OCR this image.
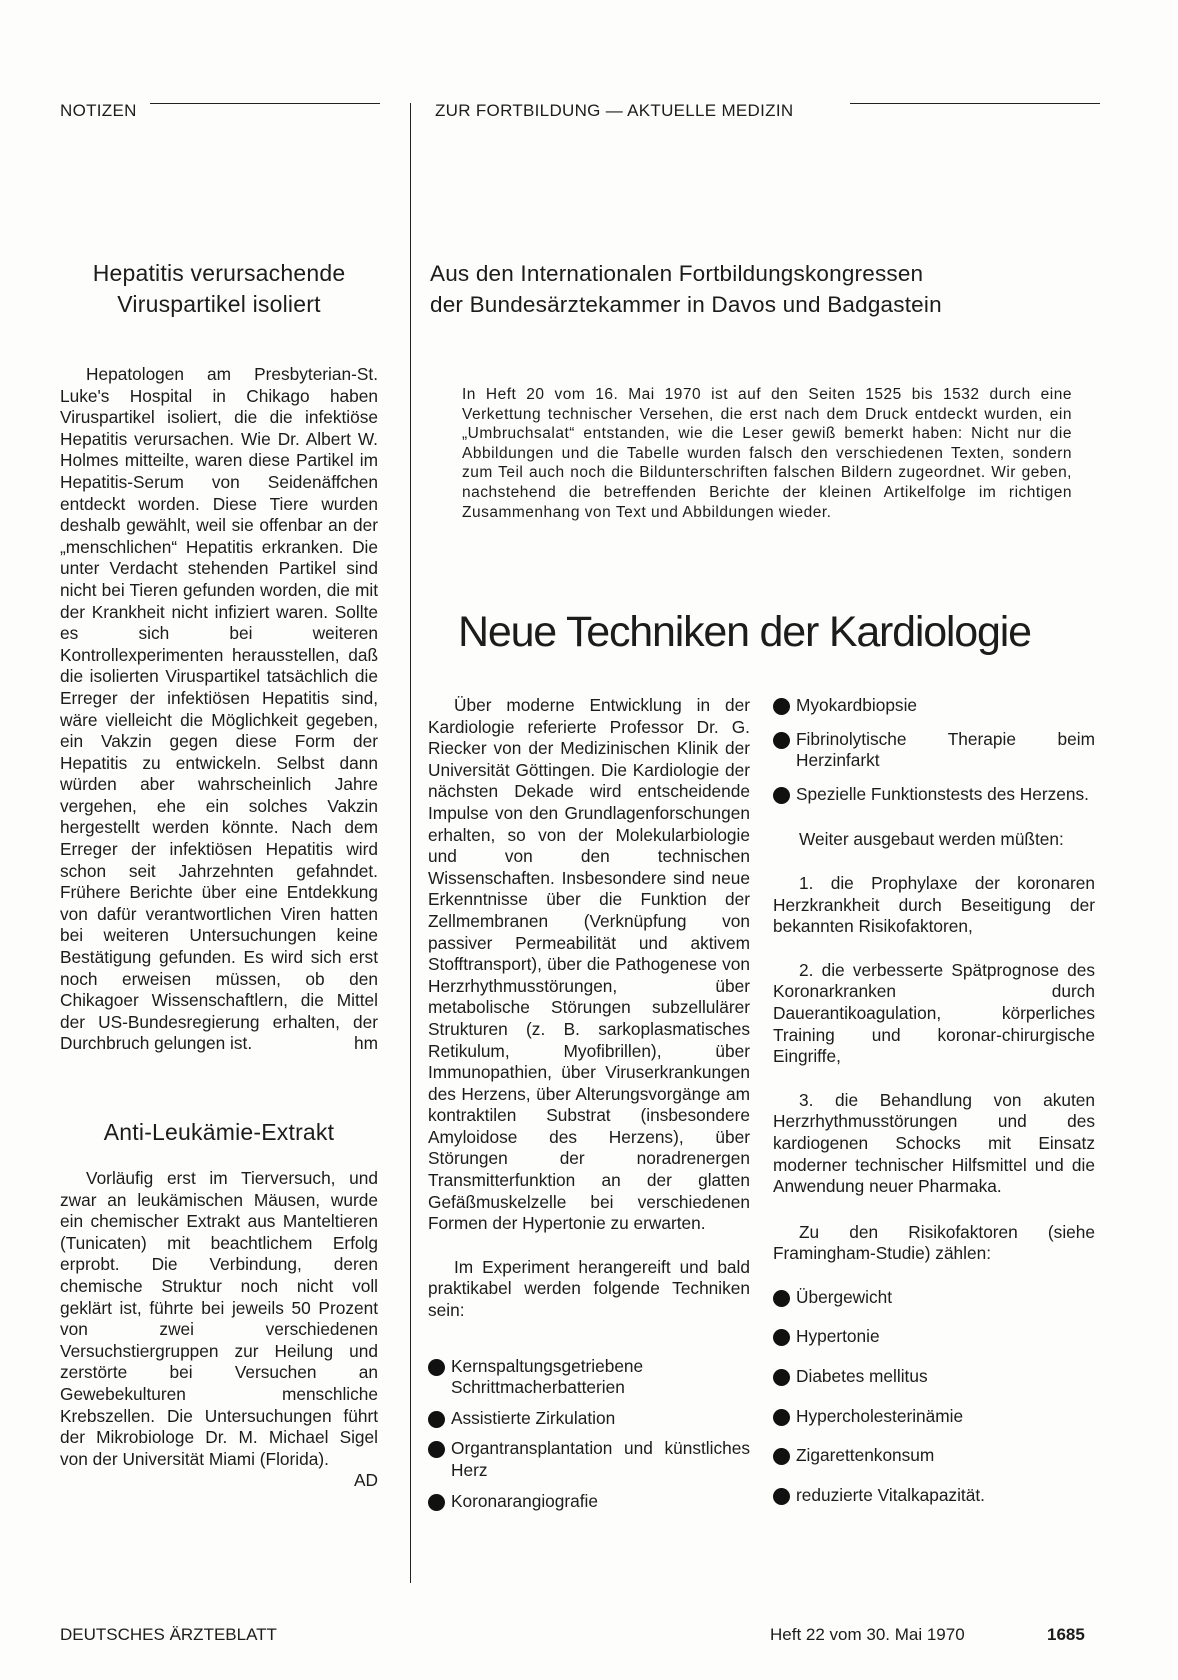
NOTIZEN	ZUR FORTBILDUNG — AKTUELLE MEDIZIN
Hepatitis verursachende
Viruspartikel isoliert

Hepatologen am Presbyterian-St. Luke's Hospital in Chikago haben Viruspartikel isoliert, die die infektiöse Hepatitis verursachen. Wie Dr. Albert W. Holmes mitteilte, waren diese Partikel im Hepatitis-Serum von Seidenäffchen entdeckt worden. Diese Tiere wurden deshalb gewählt, weil sie offenbar an der „menschlichen“ Hepatitis erkranken. Die unter Verdacht stehenden Partikel sind nicht bei Tieren gefunden worden, die mit der Krankheit nicht infiziert waren. Sollte es sich bei weiteren Kontrollexperimenten herausstellen, daß die isolierten Viruspartikel tatsächlich die Erreger der infektiösen Hepatitis sind, wäre vielleicht die Möglichkeit gegeben, ein Vakzin gegen diese Form der Hepatitis zu entwickeln. Selbst dann würden aber wahrscheinlich Jahre vergehen, ehe ein solches Vakzin hergestellt werden könnte. Nach dem Erreger der infektiösen Hepatitis wird schon seit Jahrzehnten gefahndet. Frühere Berichte über eine Entdekkung von dafür verantwortlichen Viren hatten bei weiteren Untersuchungen keine Bestätigung gefunden. Es wird sich erst noch erweisen müssen, ob den Chikagoer Wissenschaftlern, die Mittel der US-Bundesregierung erhalten, der Durchbruch gelungen ist.	hm

Anti-Leukämie-Extrakt

Vorläufig erst im Tierversuch, und zwar an leukämischen Mäusen, wurde ein chemischer Extrakt aus Manteltieren (Tunicaten) mit beachtlichem Erfolg erprobt. Die Verbindung, deren chemische Struktur noch nicht voll geklärt ist, führte bei jeweils 50 Prozent von zwei verschiedenen Versuchstiergruppen zur Heilung und zerstörte bei Versuchen an Gewebekulturen menschliche Krebszellen. Die Untersuchungen führt der Mikrobiologe Dr. M. Michael Sigel von der Universität Miami (Florida).
AD

Aus den Internationalen Fortbildungskongressen
der Bundesärztekammer in Davos und Badgastein

In Heft 20 vom 16. Mai 1970 ist auf den Seiten 1525 bis 1532 durch eine Verkettung technischer Versehen, die erst nach dem Druck entdeckt wurden, ein „Umbruchsalat“ entstanden, wie die Leser gewiß bemerkt haben: Nicht nur die Abbildungen und die Tabelle wurden falsch den verschiedenen Texten, sondern zum Teil auch noch die Bildunterschriften falschen Bildern zugeordnet. Wir geben, nachstehend die betreffenden Berichte der kleinen Artikelfolge im richtigen Zusammenhang von Text und Abbildungen wieder.

Neue Techniken der Kardiologie

Über moderne Entwicklung in der Kardiologie referierte Professor Dr. G. Riecker von der Medizinischen Klinik der Universität Göttingen. Die Kardiologie der nächsten Dekade wird entscheidende Impulse von den Grundlagenforschungen erhalten, so von der Molekularbiologie und von den technischen Wissenschaften. Insbesondere sind neue Erkenntnisse über die Funktion der Zellmembranen (Verknüpfung von passiver Permeabilität und aktivem Stofftransport), über die Pathogenese von Herzrhythmusstörungen, über metabolische Störungen subzellulärer Strukturen (z. B. sarkoplasmatisches Retikulum, Myofibrillen), über Immunopathien, über Viruserkrankungen des Herzens, über Alterungsvorgänge am kontraktilen Substrat (insbesondere Amyloidose des Herzens), über Störungen der noradrenergen Transmitterfunktion an der glatten Gefäßmuskelzelle bei verschiedenen Formen der Hypertonie zu erwarten.

Im Experiment herangereift und bald praktikabel werden folgende Techniken sein:

Kernspaltungsgetriebene Schrittmacherbatterien
Assistierte Zirkulation
Organtransplantation und künstliches Herz
Koronarangiografie
Myokardbiopsie
Fibrinolytische Therapie beim Herzinfarkt
Spezielle Funktionstests des Herzens.

Weiter ausgebaut werden müßten:

1. die Prophylaxe der koronaren Herzkrankheit durch Beseitigung der bekannten Risikofaktoren,

2. die verbesserte Spätprognose des Koronarkranken durch Dauerantikoagulation, körperliches Training und koronar-chirurgische Eingriffe,

3. die Behandlung von akuten Herzrhythmusstörungen und des kardiogenen Schocks mit Einsatz moderner technischer Hilfsmittel und die Anwendung neuer Pharmaka.

Zu den Risikofaktoren (siehe Framingham-Studie) zählen:

Übergewicht
Hypertonie
Diabetes mellitus
Hypercholesterinämie
Zigarettenkonsum
reduzierte Vitalkapazität.
DEUTSCHES ÄRZTEBLATT	Heft 22 vom 30. Mai 1970	1685
